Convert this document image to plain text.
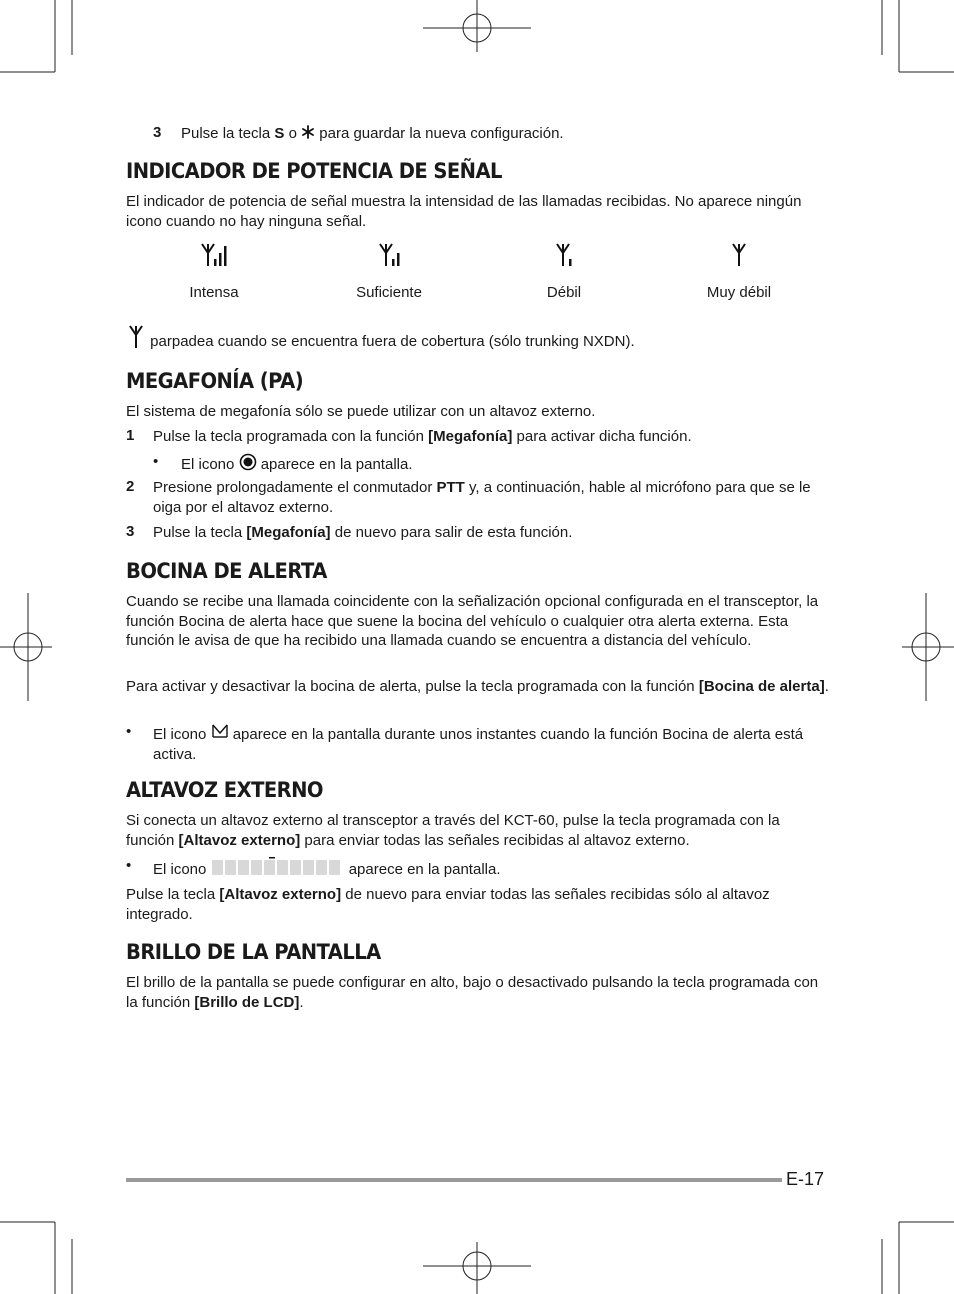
3 Pulse la tecla S o  para guardar la nueva configuración.

INDICADOR DE POTENCIA DE SEÑAL

El indicador de potencia de señal muestra la intensidad de las llamadas recibidas. No aparece ningún icono cuando no hay ninguna señal.

Intensa	Suficiente	Débil	Muy débil

parpadea cuando se encuentra fuera de cobertura (sólo trunking NXDN).

MEGAFONÍA (PA)

El sistema de megafonía sólo se puede utilizar con un altavoz externo.

1 Pulse la tecla programada con la función [Megafonía] para activar dicha función.

• El icono  aparece en la pantalla.

2 Presione prolongadamente el conmutador PTT y, a continuación, hable al micrófono para que se le oiga por el altavoz externo.

3 Pulse la tecla [Megafonía] de nuevo para salir de esta función.

BOCINA DE ALERTA

Cuando se recibe una llamada coincidente con la señalización opcional configurada en el transceptor, la función Bocina de alerta hace que suene la bocina del vehículo o cualquier otra alerta externa. Esta función le avisa de que ha recibido una llamada cuando se encuentra a distancia del vehículo.

Para activar y desactivar la bocina de alerta, pulse la tecla programada con la función [Bocina de alerta].

• El icono  aparece en la pantalla durante unos instantes cuando la función Bocina de alerta está activa.

ALTAVOZ EXTERNO

Si conecta un altavoz externo al transceptor a través del KCT-60, pulse la tecla programada con la función [Altavoz externo] para enviar todas las señales recibidas al altavoz externo.

• El icono	aparece en la pantalla.

Pulse la tecla [Altavoz externo] de nuevo para enviar todas las señales recibidas sólo al altavoz integrado.

BRILLO DE LA PANTALLA

El brillo de la pantalla se puede configurar en alto, bajo o desactivado pulsando la tecla programada con la función [Brillo de LCD].

E-17
